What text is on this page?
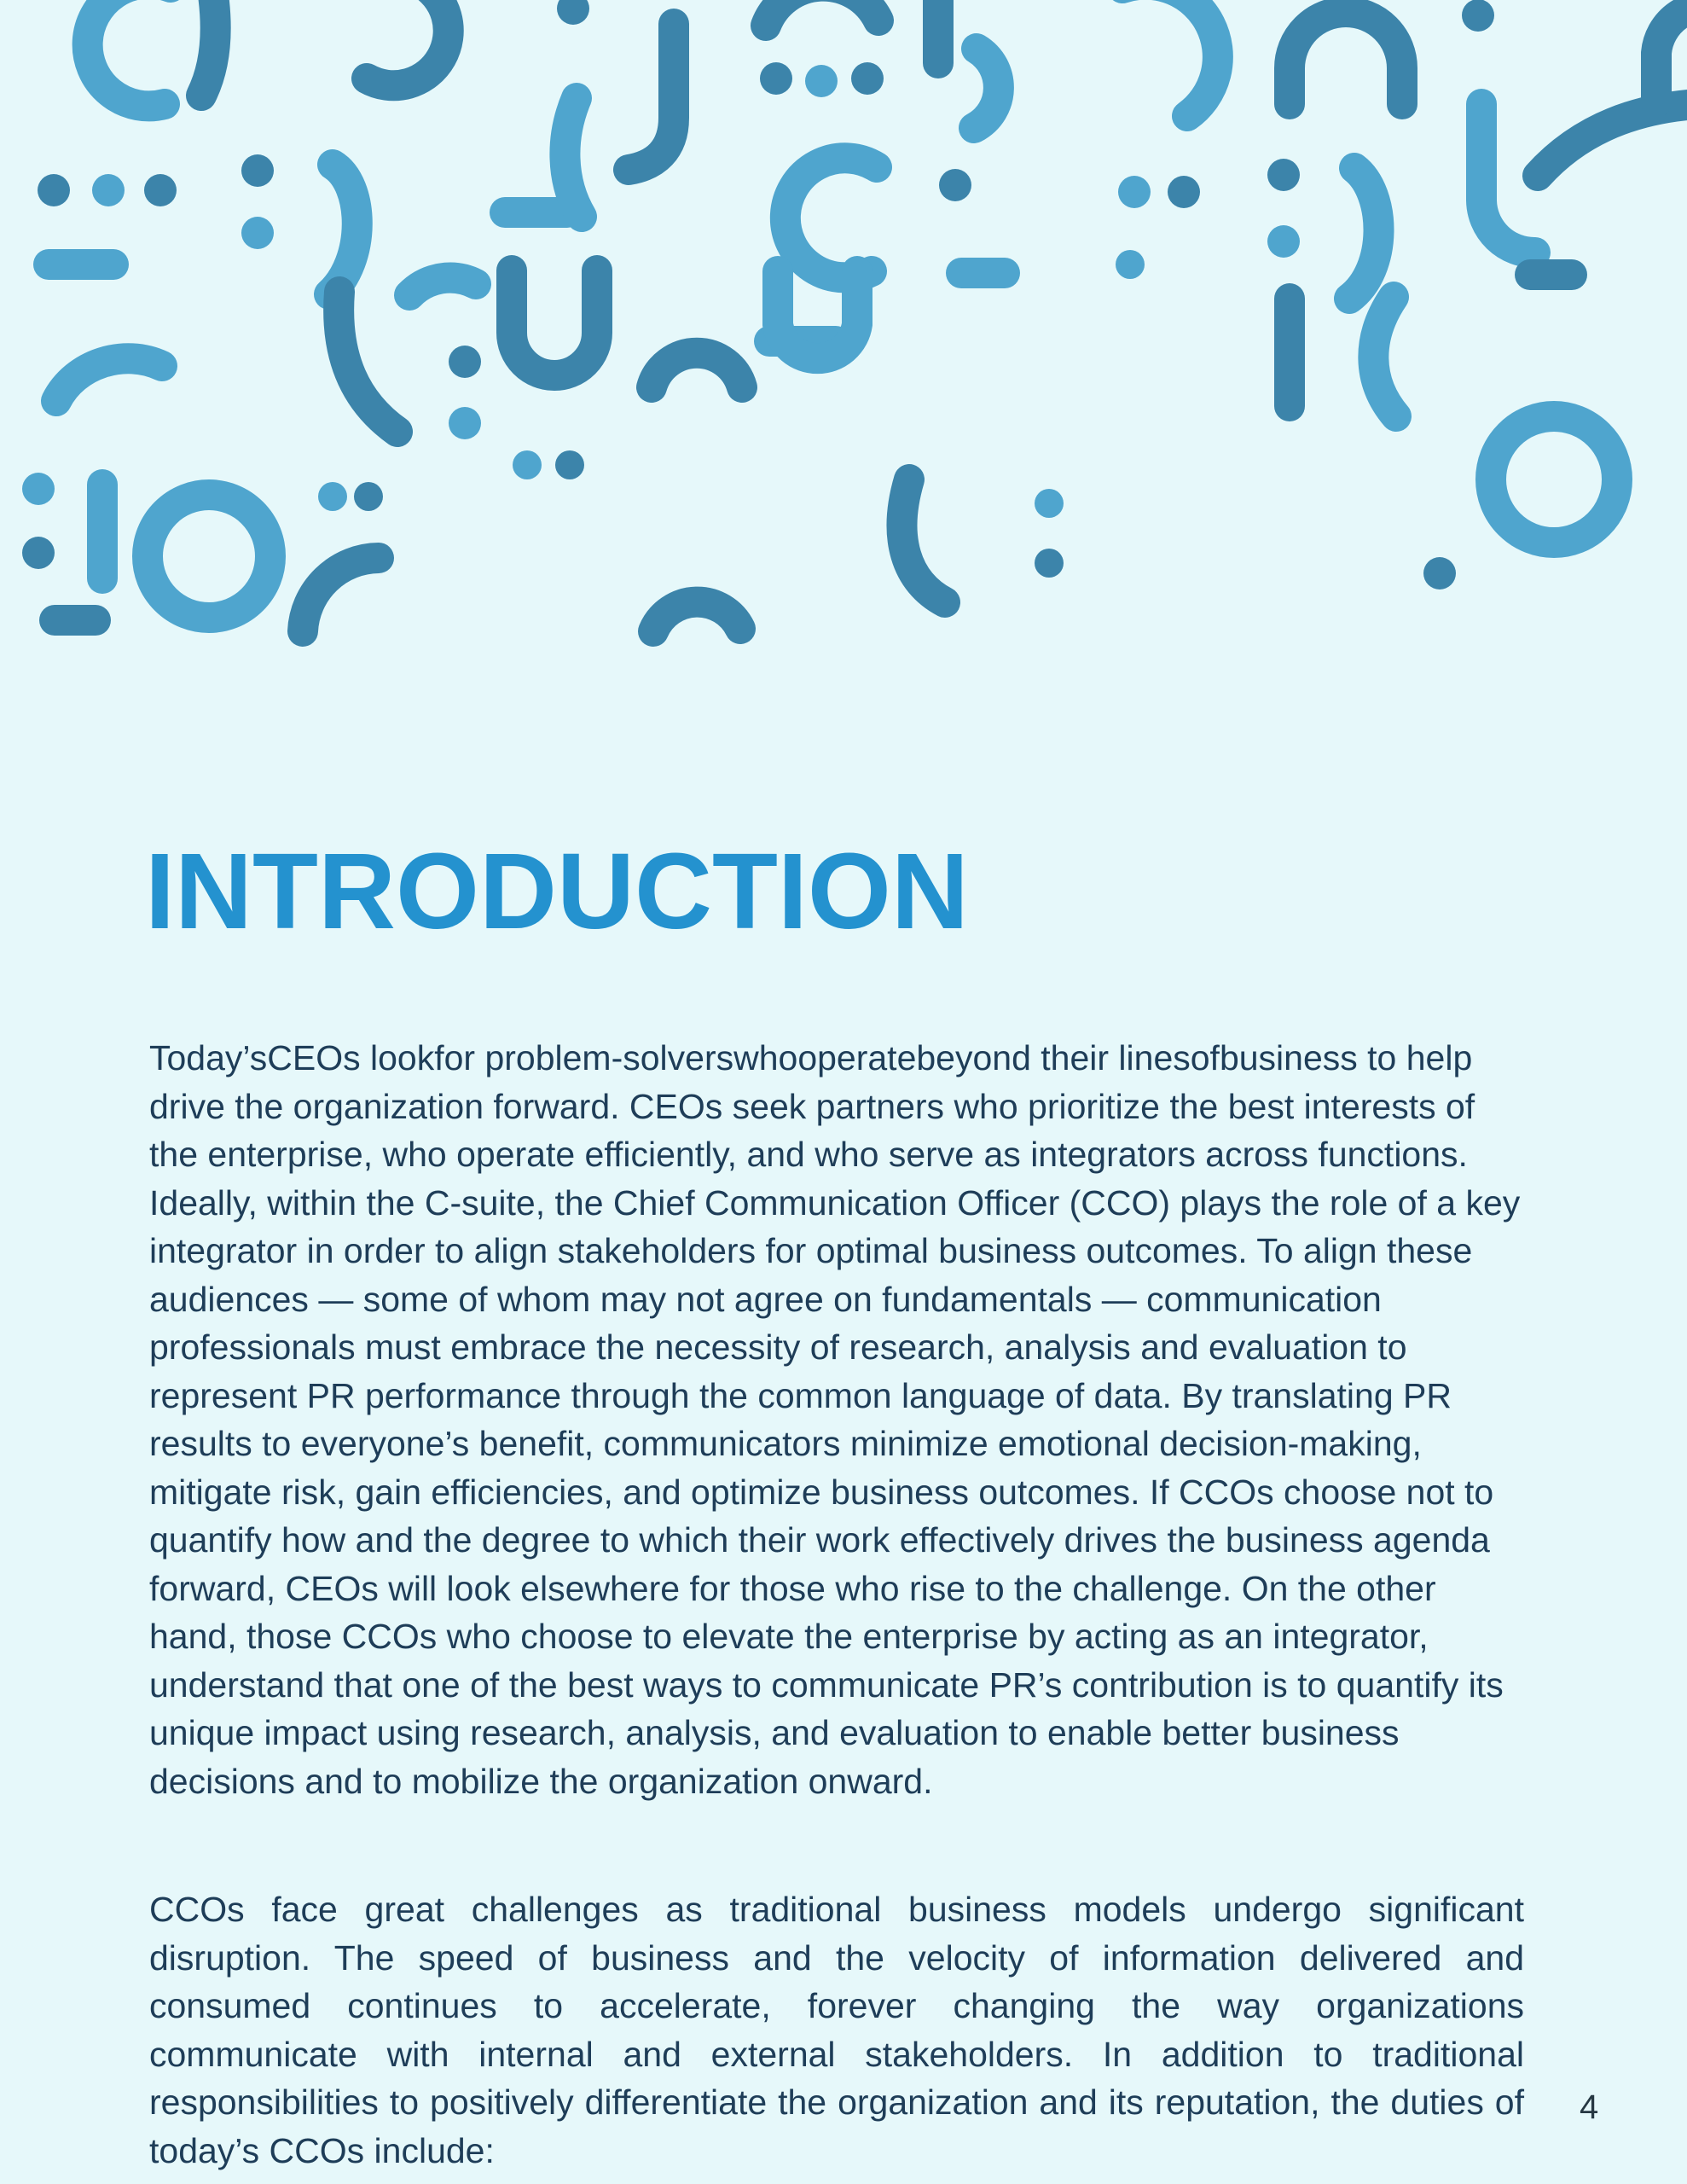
INTRODUCTION

Today’sCEOs lookfor problem-solverswhooperatebeyond their linesofbusiness to help drive the organization forward. CEOs seek partners who prioritize the best interests of the enterprise, who operate efficiently, and who serve as integrators across functions. Ideally, within the C-suite, the Chief Communication Officer (CCO) plays the role of a key integrator in order to align stakeholders for optimal business outcomes. To align these audiences — some of whom may not agree on fundamentals — communication professionals must embrace the necessity of research, analysis and evaluation to represent PR performance through the common language of data. By translating PR results to everyone’s benefit, communicators minimize emotional decision-making, mitigate risk, gain efficiencies, and optimize business outcomes. If CCOs choose not to quantify how and the degree to which their work effectively drives the business agenda forward, CEOs will look elsewhere for those who rise to the challenge. On the other hand, those CCOs who choose to elevate the enterprise by acting as an integrator, understand that one of the best ways to communicate PR’s contribution is to quantify its unique impact using research, analysis, and evaluation to enable better business decisions and to mobilize the organization onward.

CCOs face great challenges as traditional business models undergo significant disruption. The speed of business and the velocity of information delivered and consumed continues to accelerate, forever changing the way organizations communicate with internal and external stakeholders. In addition to traditional responsibilities to positively differentiate the organization and its reputation, the duties of today’s CCOs include:

4
